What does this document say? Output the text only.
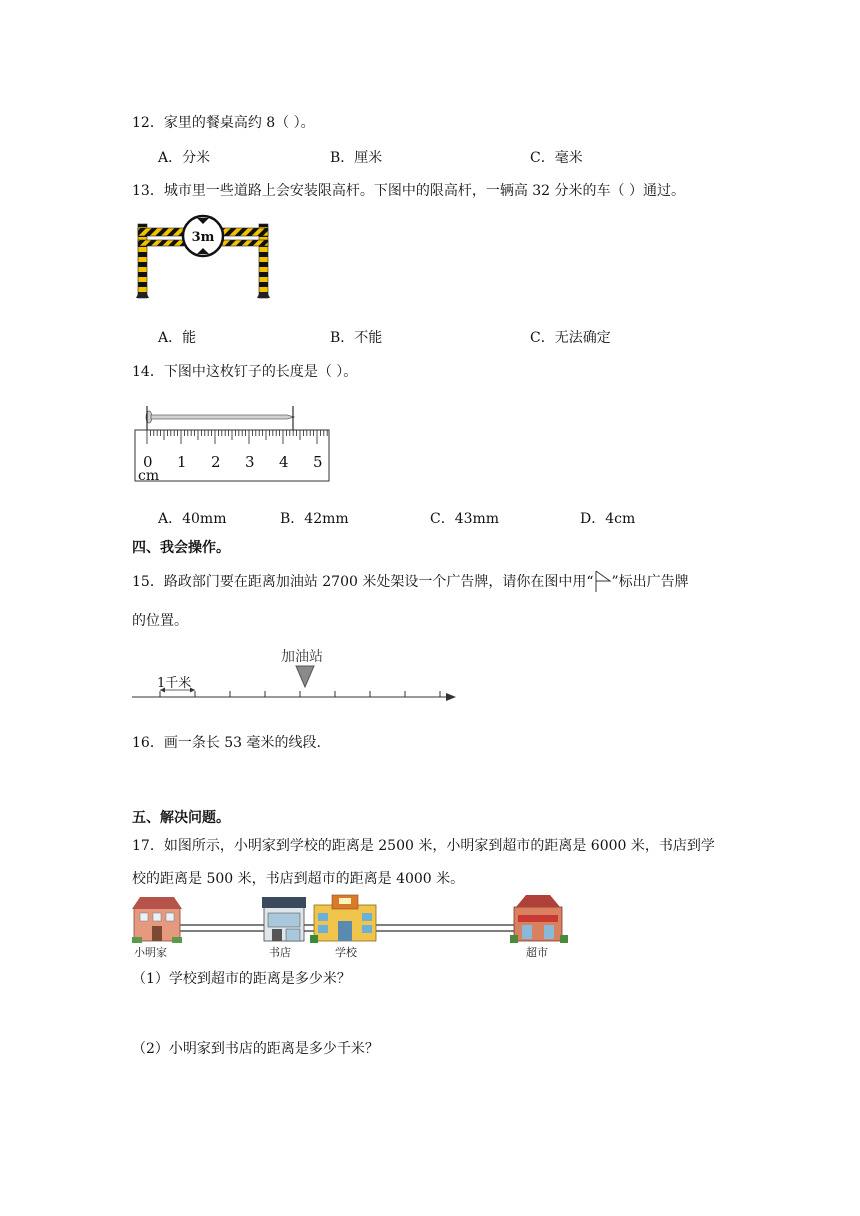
12．家里的餐桌高约 8（ ）。
A．分米	B．厘米	C．毫米
13．城市里一些道路上会安装限高杆。下图中的限高杆，一辆高 32 分米的车（ ）通过。
3m
A．能	B．不能	C．无法确定
14．下图中这枚钉子的长度是（ ）。
0 1 2 3 4 5
cm
A．40mm	B．42mm	C．43mm	D．4cm
四、我会操作。
15．路政部门要在距离加油站 2700 米处架设一个广告牌，请你在图中用“ ”标出广告牌
的位置。
1千米
加油站
16．画一条长 53 毫米的线段.
五、解决问题。
17．如图所示，小明家到学校的距离是 2500 米，小明家到超市的距离是 6000 米，书店到学
校的距离是 500 米，书店到超市的距离是 4000 米。
小明家	书店	学校	超市
（1）学校到超市的距离是多少米？
（2）小明家到书店的距离是多少千米？
